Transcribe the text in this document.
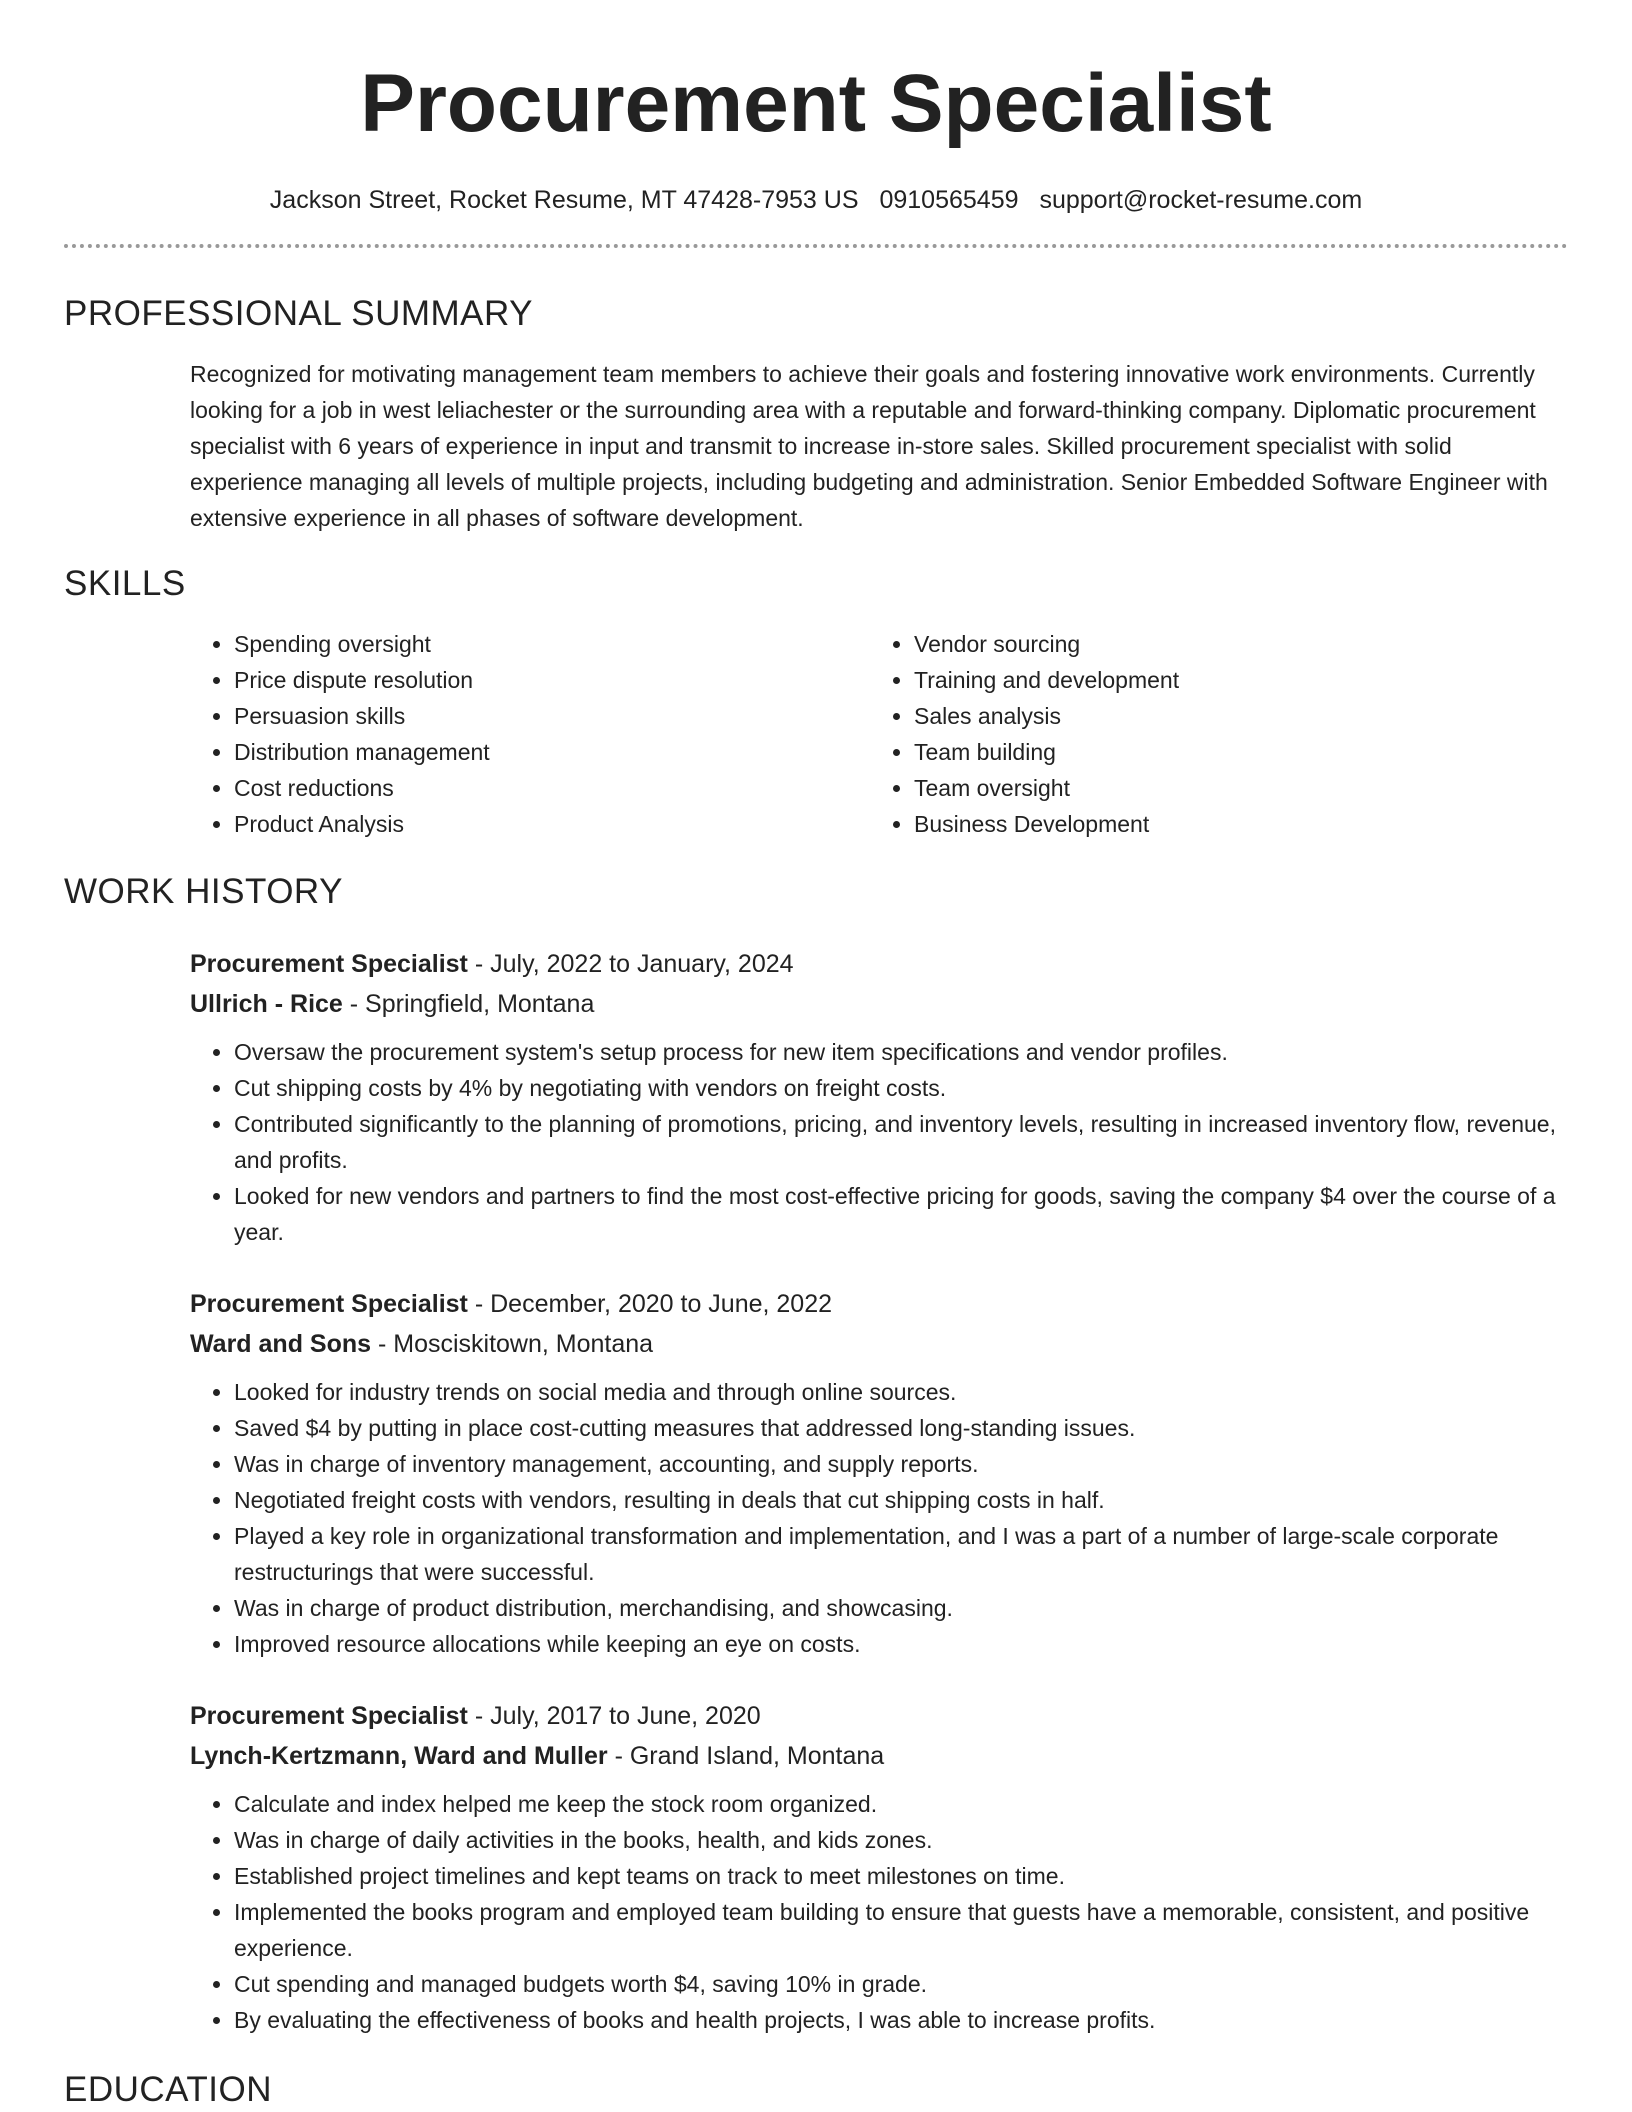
Procurement Specialist
Jackson Street, Rocket Resume, MT 47428-7953 US 0910565459 support@rocket-resume.com
PROFESSIONAL SUMMARY
Recognized for motivating management team members to achieve their goals and fostering innovative work environments. Currently looking for a job in west leliachester or the surrounding area with a reputable and forward-thinking company. Diplomatic procurement specialist with 6 years of experience in input and transmit to increase in-store sales. Skilled procurement specialist with solid experience managing all levels of multiple projects, including budgeting and administration. Senior Embedded Software Engineer with extensive experience in all phases of software development.
SKILLS
• Spending oversight
• Price dispute resolution
• Persuasion skills
• Distribution management
• Cost reductions
• Product Analysis
• Vendor sourcing
• Training and development
• Sales analysis
• Team building
• Team oversight
• Business Development
WORK HISTORY
Procurement Specialist - July, 2022 to January, 2024
Ullrich - Rice - Springfield, Montana
• Oversaw the procurement system's setup process for new item specifications and vendor profiles.
• Cut shipping costs by 4% by negotiating with vendors on freight costs.
• Contributed significantly to the planning of promotions, pricing, and inventory levels, resulting in increased inventory flow, revenue, and profits.
• Looked for new vendors and partners to find the most cost-effective pricing for goods, saving the company $4 over the course of a year.
Procurement Specialist - December, 2020 to June, 2022
Ward and Sons - Mosciskitown, Montana
• Looked for industry trends on social media and through online sources.
• Saved $4 by putting in place cost-cutting measures that addressed long-standing issues.
• Was in charge of inventory management, accounting, and supply reports.
• Negotiated freight costs with vendors, resulting in deals that cut shipping costs in half.
• Played a key role in organizational transformation and implementation, and I was a part of a number of large-scale corporate restructurings that were successful.
• Was in charge of product distribution, merchandising, and showcasing.
• Improved resource allocations while keeping an eye on costs.
Procurement Specialist - July, 2017 to June, 2020
Lynch-Kertzmann, Ward and Muller - Grand Island, Montana
• Calculate and index helped me keep the stock room organized.
• Was in charge of daily activities in the books, health, and kids zones.
• Established project timelines and kept teams on track to meet milestones on time.
• Implemented the books program and employed team building to ensure that guests have a memorable, consistent, and positive experience.
• Cut spending and managed budgets worth $4, saving 10% in grade.
• By evaluating the effectiveness of books and health projects, I was able to increase profits.
EDUCATION
